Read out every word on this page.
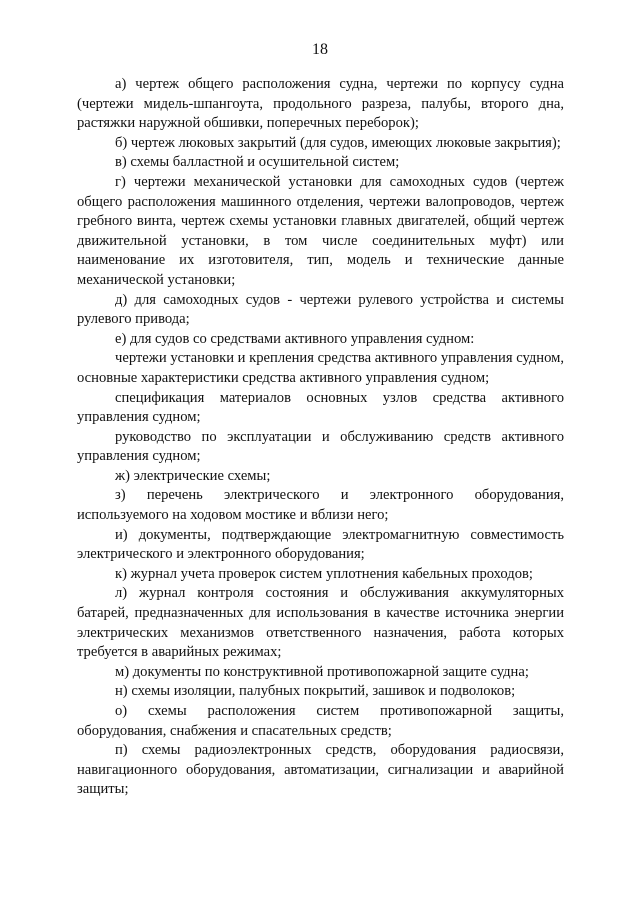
18

а) чертеж общего расположения судна, чертежи по корпусу судна (чертежи мидель-шпангоута, продольного разреза, палубы, второго дна, растяжки наружной обшивки, поперечных переборок);

б) чертеж люковых закрытий (для судов, имеющих люковые закрытия);

в) схемы балластной и осушительной систем;

г) чертежи механической установки для самоходных судов (чертеж общего расположения машинного отделения, чертежи валопроводов, чертеж гребного винта, чертеж схемы установки главных двигателей, общий чертеж движительной установки, в том числе соединительных муфт) или наименование их изготовителя, тип, модель и технические данные механической установки;

д) для самоходных судов - чертежи рулевого устройства и системы рулевого привода;

е) для судов со средствами активного управления судном:

чертежи установки и крепления средства активного управления судном, основные характеристики средства активного управления судном;

спецификация материалов основных узлов средства активного управления судном;

руководство по эксплуатации и обслуживанию средств активного управления судном;

ж) электрические схемы;

з) перечень электрического и электронного оборудования, используемого на ходовом мостике и вблизи него;

и) документы, подтверждающие электромагнитную совместимость электрического и электронного оборудования;

к) журнал учета проверок систем уплотнения кабельных проходов;

л) журнал контроля состояния и обслуживания аккумуляторных батарей, предназначенных для использования в качестве источника энергии электрических механизмов ответственного назначения, работа которых требуется в аварийных режимах;

м) документы по конструктивной противопожарной защите судна;

н) схемы изоляции, палубных покрытий, зашивок и подволоков;

о) схемы расположения систем противопожарной защиты, оборудования, снабжения и спасательных средств;

п) схемы радиоэлектронных средств, оборудования радиосвязи, навигационного оборудования, автоматизации, сигнализации и аварийной защиты;
